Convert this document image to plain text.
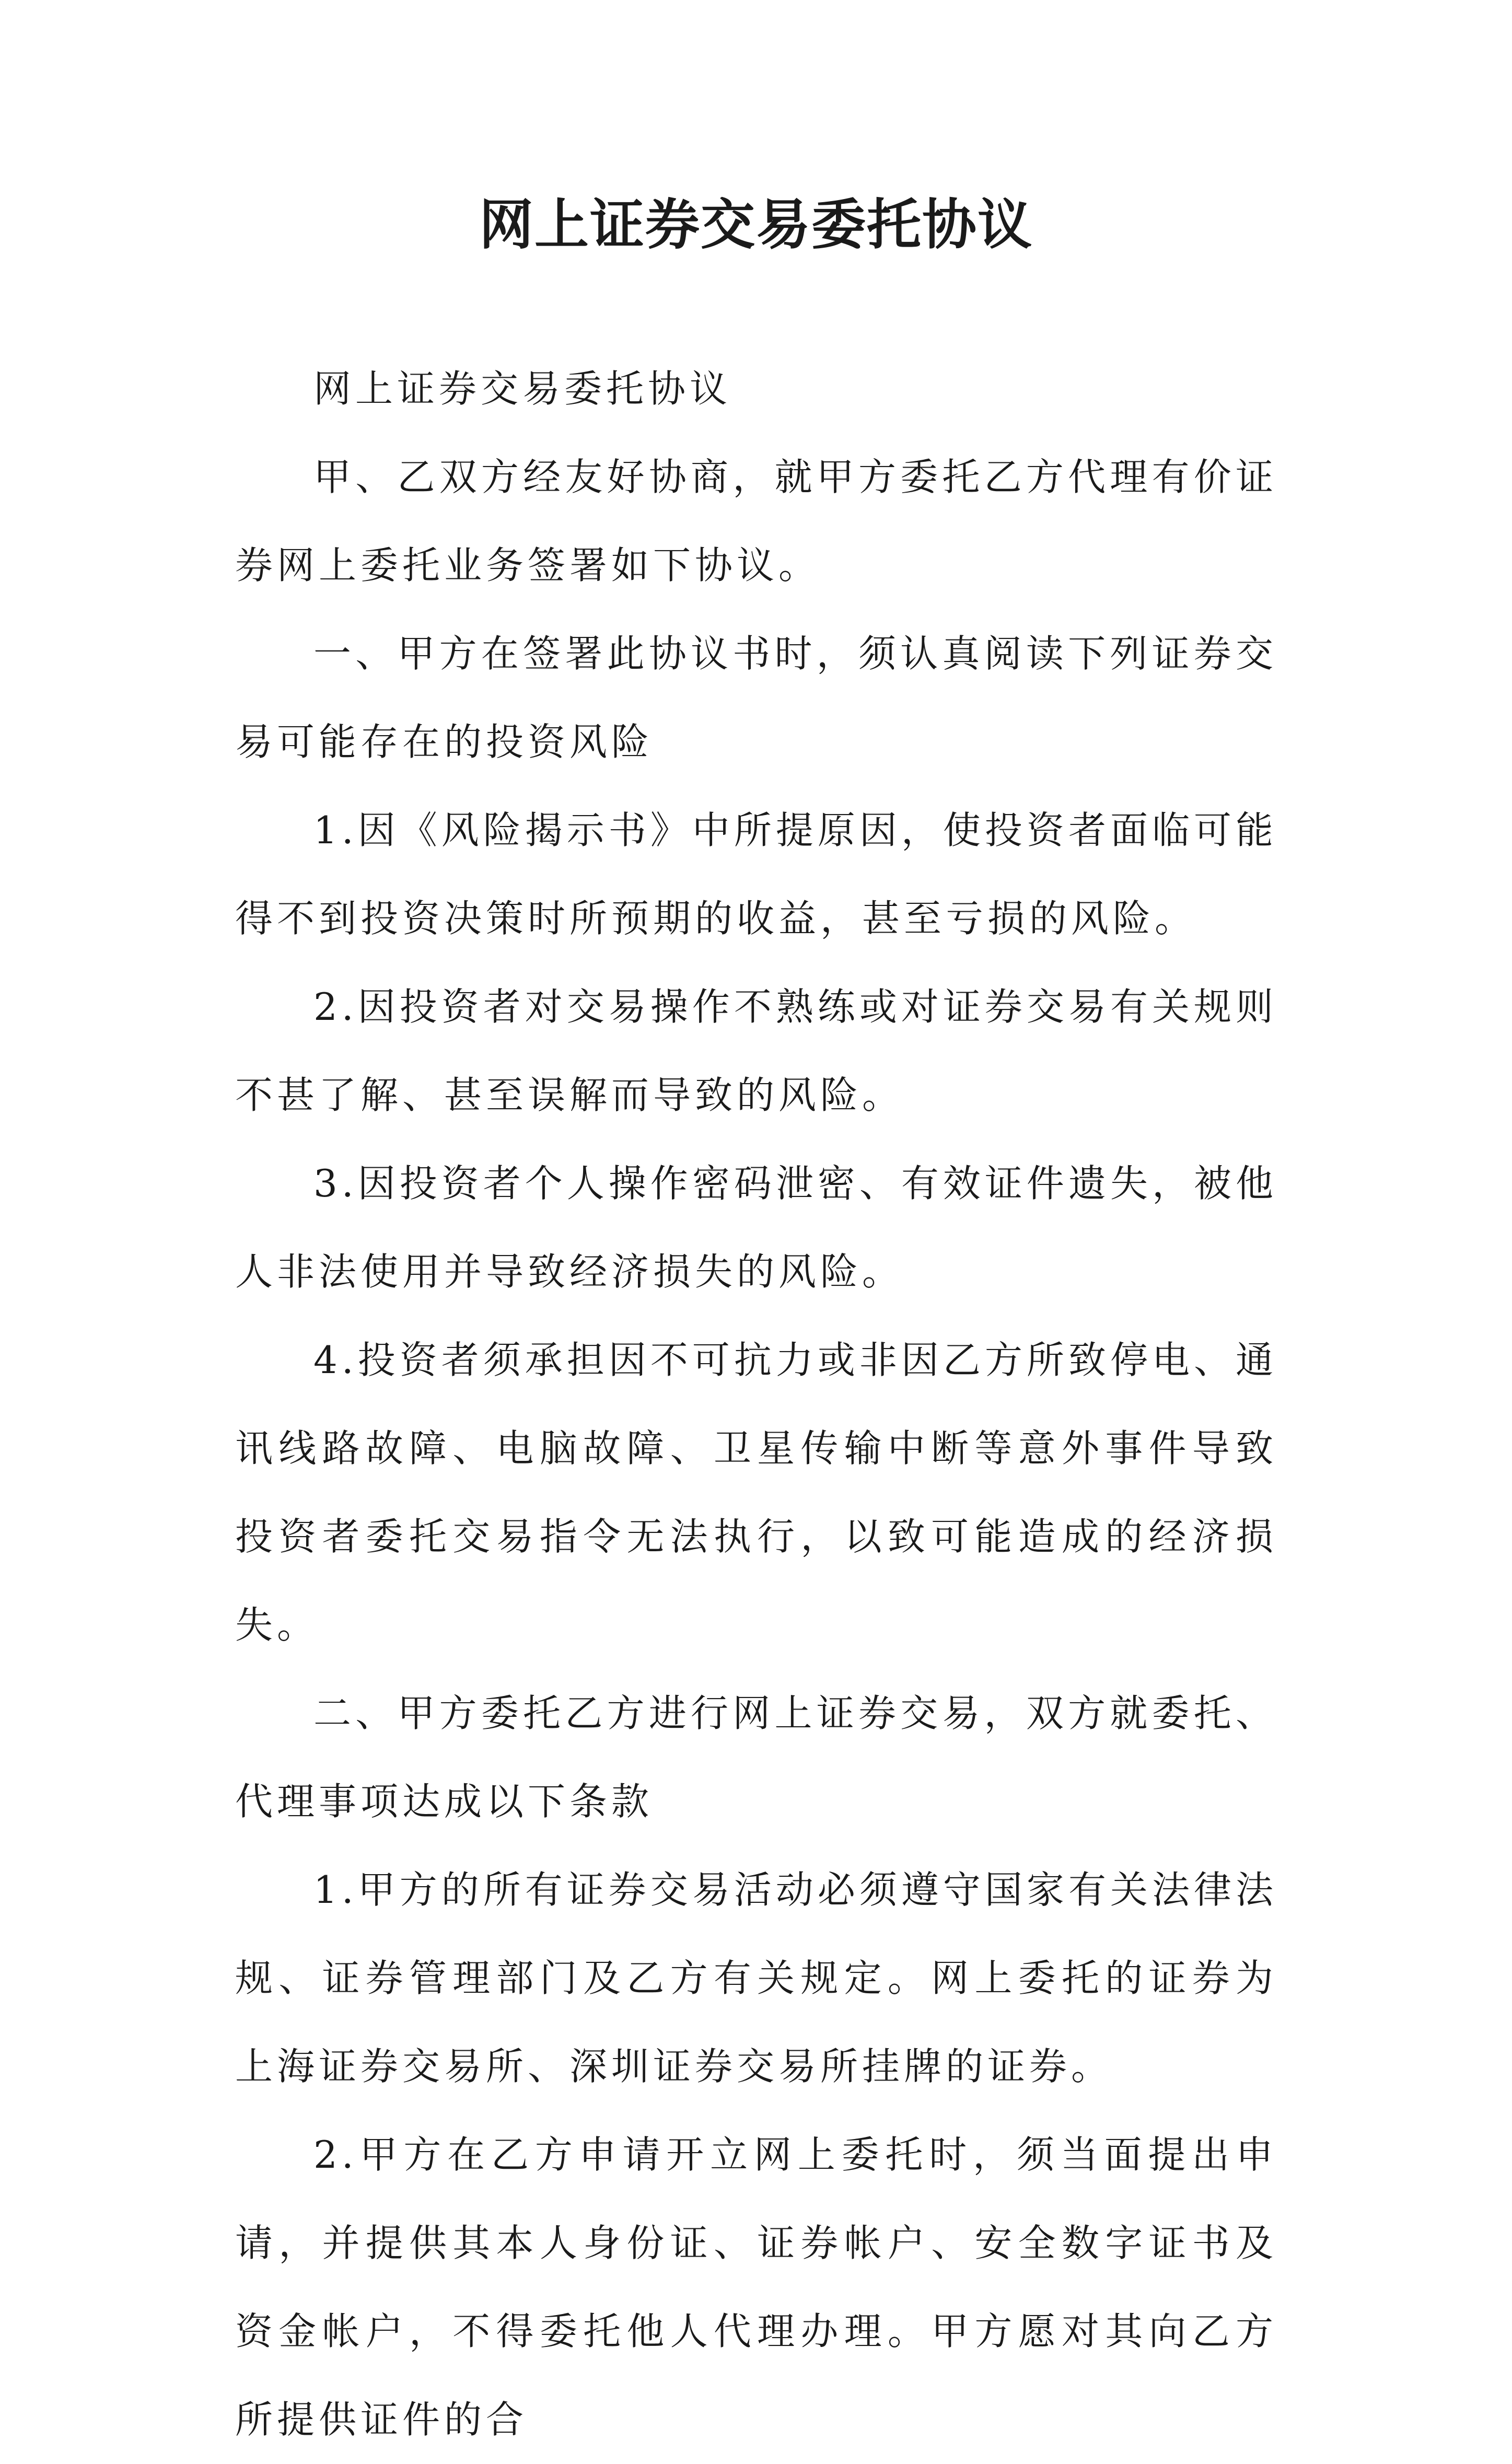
网上证券交易委托协议

网上证券交易委托协议

甲、乙双方经友好协商，就甲方委托乙方代理有价证券网上委托业务签署如下协议。

一、甲方在签署此协议书时，须认真阅读下列证券交易可能存在的投资风险

1.因《风险揭示书》中所提原因，使投资者面临可能得不到投资决策时所预期的收益，甚至亏损的风险。

2.因投资者对交易操作不熟练或对证券交易有关规则不甚了解、甚至误解而导致的风险。

3.因投资者个人操作密码泄密、有效证件遗失，被他人非法使用并导致经济损失的风险。

4.投资者须承担因不可抗力或非因乙方所致停电、通讯线路故障、电脑故障、卫星传输中断等意外事件导致投资者委托交易指令无法执行，以致可能造成的经济损失。

二、甲方委托乙方进行网上证券交易，双方就委托、代理事项达成以下条款

1.甲方的所有证券交易活动必须遵守国家有关法律法规、证券管理部门及乙方有关规定。网上委托的证券为上海证券交易所、深圳证券交易所挂牌的证券。

2.甲方在乙方申请开立网上委托时，须当面提出申请，并提供其本人身份证、证券帐户、安全数字证书及资金帐户，不得委托他人代理办理。甲方愿对其向乙方所提供证件的合
